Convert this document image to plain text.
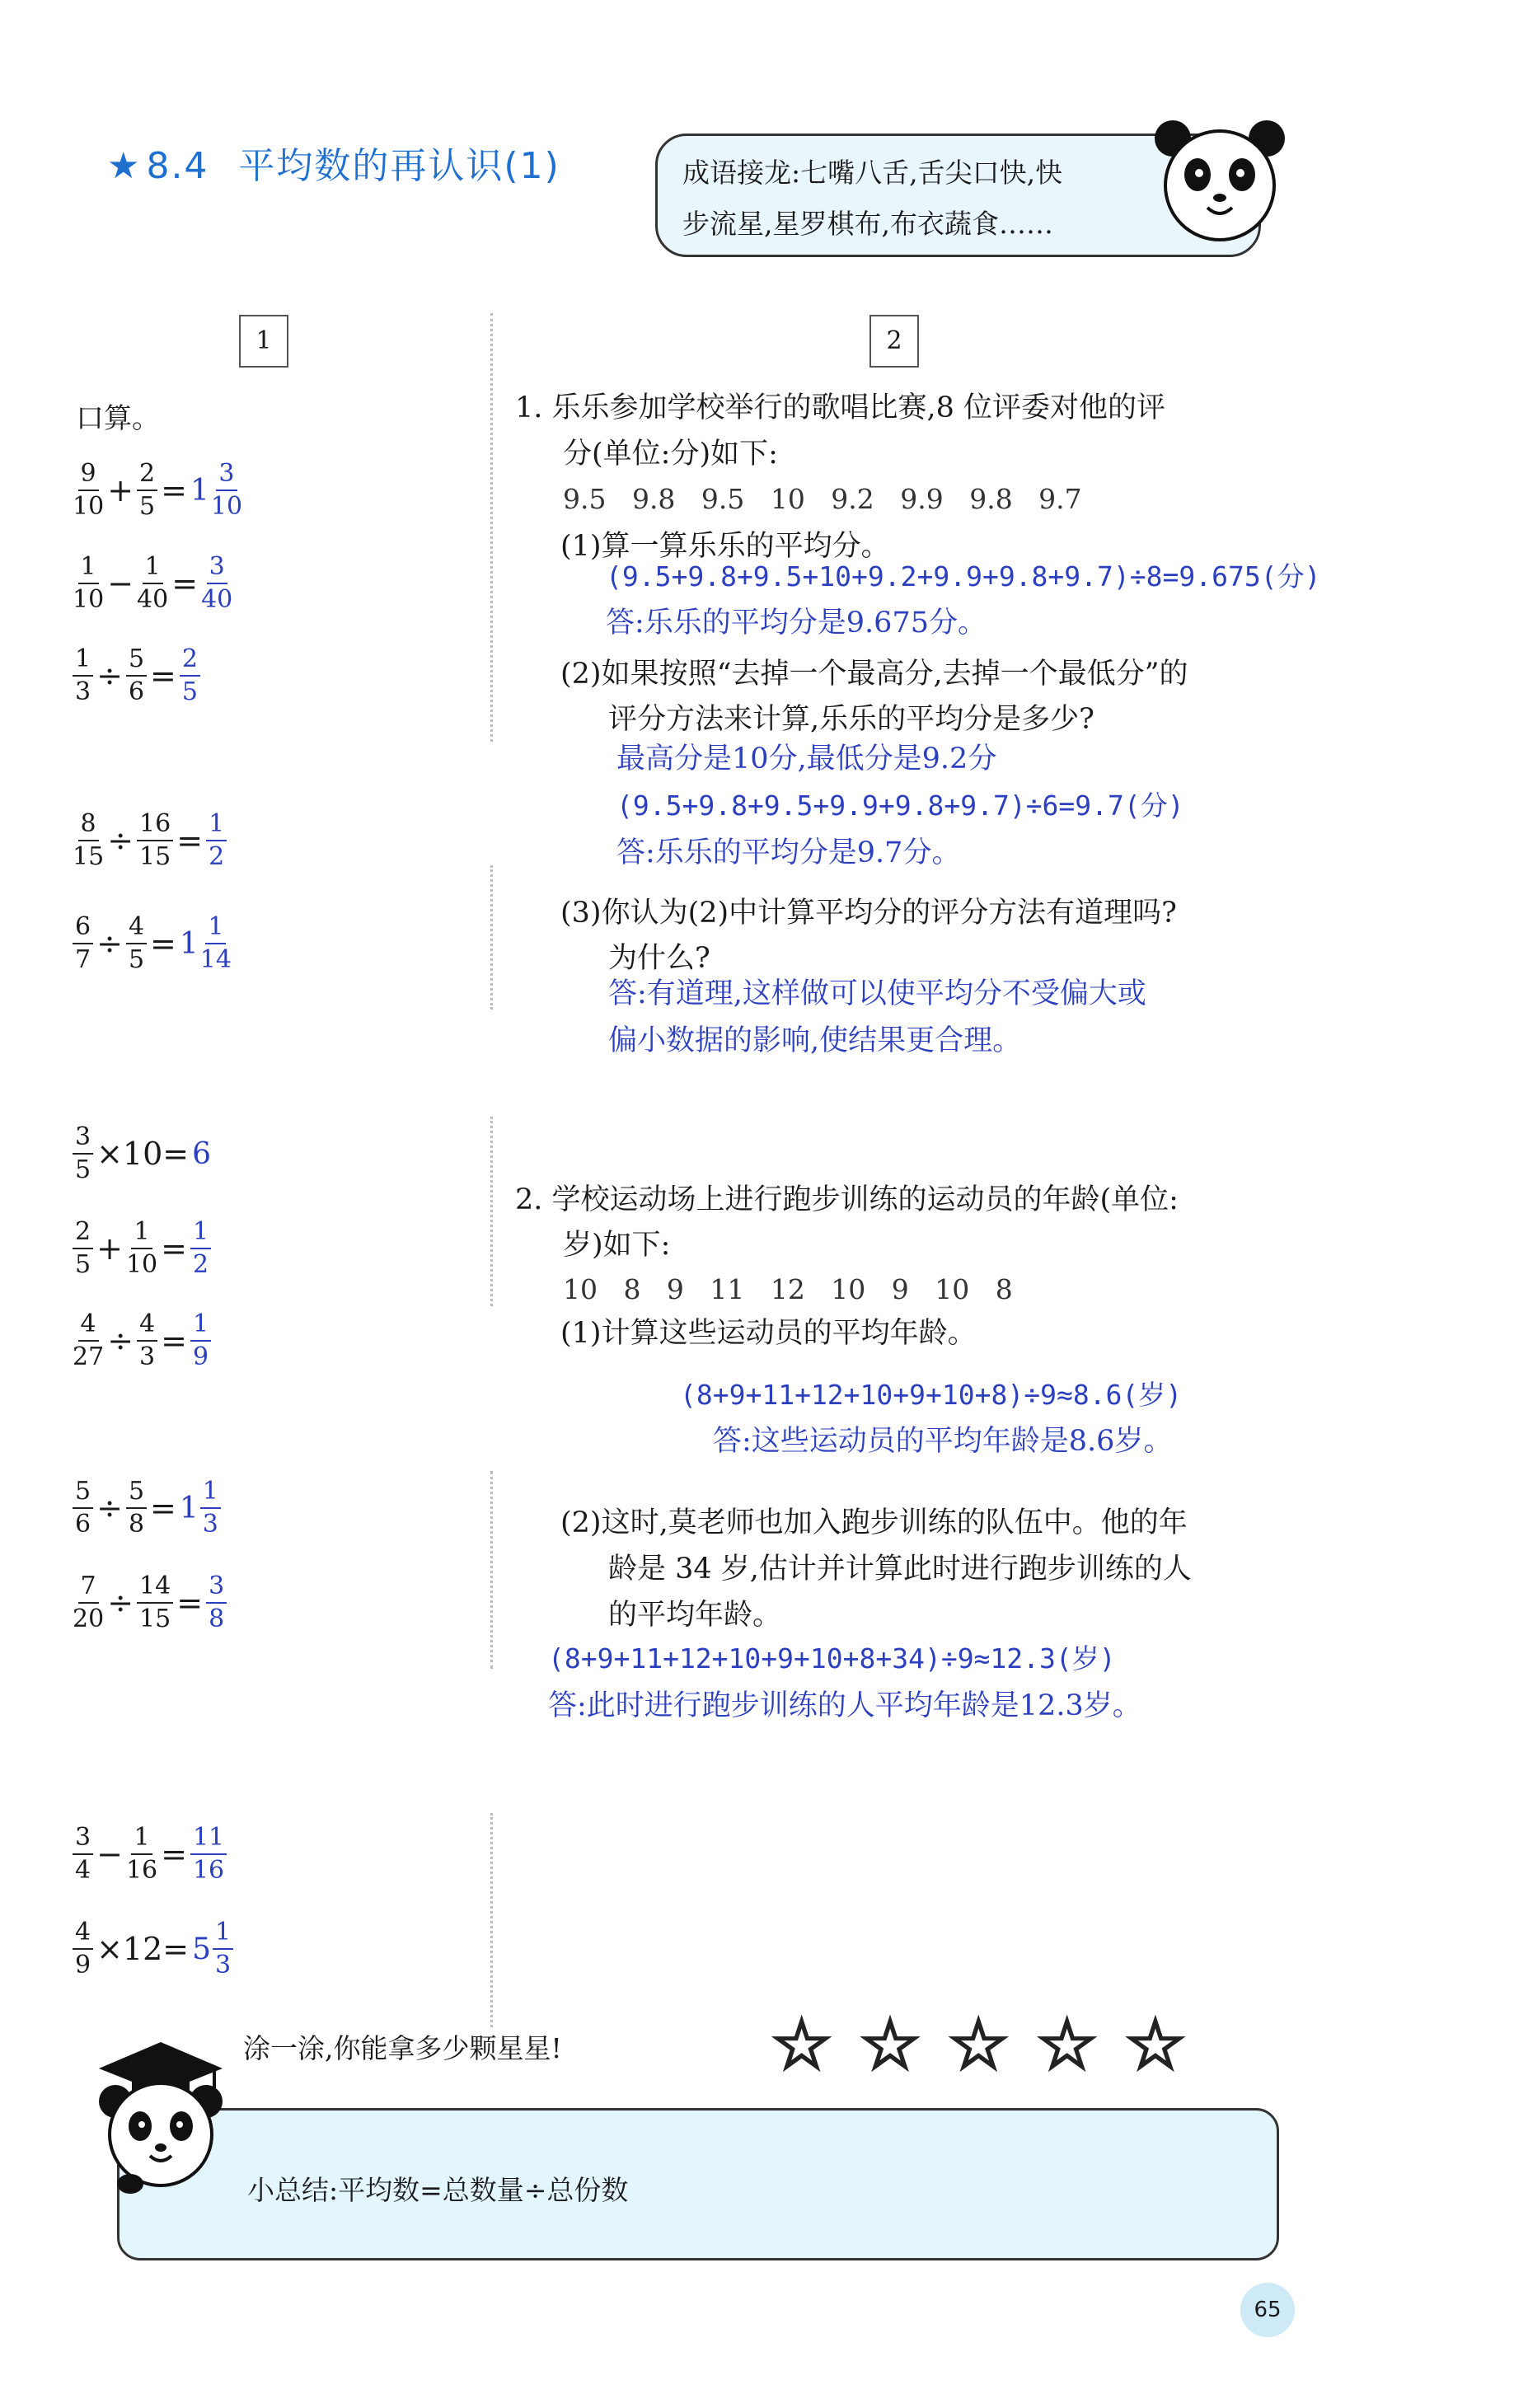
★ 8.4 平均数的再认识(1)	成语接龙:七嘴八舌,舌尖口快,快
步流星,星罗棋布,布衣蔬食……
1	2
口算。
$\frac{9}{10} + \frac{2}{5} = 1 \frac{3}{10}$
$\frac{1}{10} - \frac{1}{40} = \frac{3}{40}$
$\frac{1}{3} \div \frac{5}{6} = \frac{2}{5}$
$\frac{8}{15} \div \frac{16}{15} = \frac{1}{2}$
$\frac{6}{7} \div \frac{4}{5} = 1 \frac{1}{14}$
$\frac{3}{5} \times 10= 6$
$\frac{2}{5} + \frac{1}{10} = \frac{1}{2}$
$\frac{4}{27} \div \frac{4}{3} = \frac{1}{9}$
$\frac{5}{6} \div \frac{5}{8} = 1 \frac{1}{3}$
$\frac{7}{20} \div \frac{14}{15} = \frac{3}{8}$
$\frac{3}{4} - \frac{1}{16} = \frac{11}{16}$
$\frac{4}{9} \times 12= 5 \frac{1}{3}$
1. 乐乐参加学校举行的歌唱比赛,8 位评委对他的评
分(单位:分)如下:
9.5   9.8   9.5   10   9.2   9.9   9.8   9.7
(1)算一算乐乐的平均分。
(9.5+9.8+9.5+10+9.2+9.9+9.8+9.7)÷8=9.675(分)
答:乐乐的平均分是9.675分。
(2)如果按照“去掉一个最高分,去掉一个最低分”的
评分方法来计算,乐乐的平均分是多少?
最高分是10分,最低分是9.2分
(9.5+9.8+9.5+9.9+9.8+9.7)÷6=9.7(分)
答:乐乐的平均分是9.7分。
(3)你认为(2)中计算平均分的评分方法有道理吗?
为什么?
答:有道理,这样做可以使平均分不受偏大或
偏小数据的影响,使结果更合理。
2. 学校运动场上进行跑步训练的运动员的年龄(单位:
岁)如下:
10   8   9   11   12   10   9   10   8
(1)计算这些运动员的平均年龄。
(8+9+11+12+10+9+10+8)÷9≈8.6(岁)
答:这些运动员的平均年龄是8.6岁。
(2)这时,莫老师也加入跑步训练的队伍中。他的年
龄是 34 岁,估计并计算此时进行跑步训练的人
的平均年龄。
(8+9+11+12+10+9+10+8+34)÷9≈12.3(岁)
答:此时进行跑步训练的人平均年龄是12.3岁。
涂一涂,你能拿多少颗星星!	☆ ☆ ☆ ☆ ☆
小总结:平均数=总数量÷总份数
65
